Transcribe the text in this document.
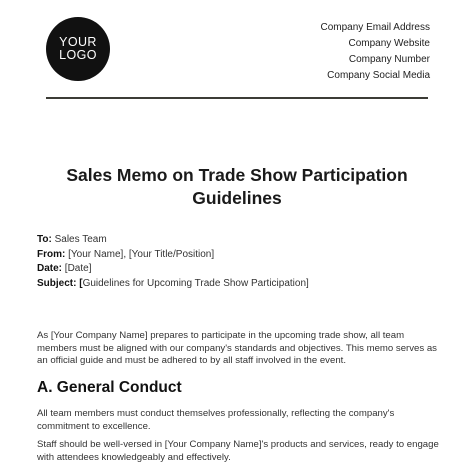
YOUR
LOGO
Company Email Address
Company Website
Company Number
Company Social Media
Sales Memo on Trade Show Participation
Guidelines
To: Sales Team
From: [Your Name], [Your Title/Position]
Date: [Date]
Subject: [Guidelines for Upcoming Trade Show Participation]
As [Your Company Name] prepares to participate in the upcoming trade show, all team members must be aligned with our company's standards and objectives. This memo serves as an official guide and must be adhered to by all staff involved in the event.
A. General Conduct
All team members must conduct themselves professionally, reflecting the company's commitment to excellence.
Staff should be well-versed in [Your Company Name]'s products and services, ready to engage with attendees knowledgeably and effectively.
